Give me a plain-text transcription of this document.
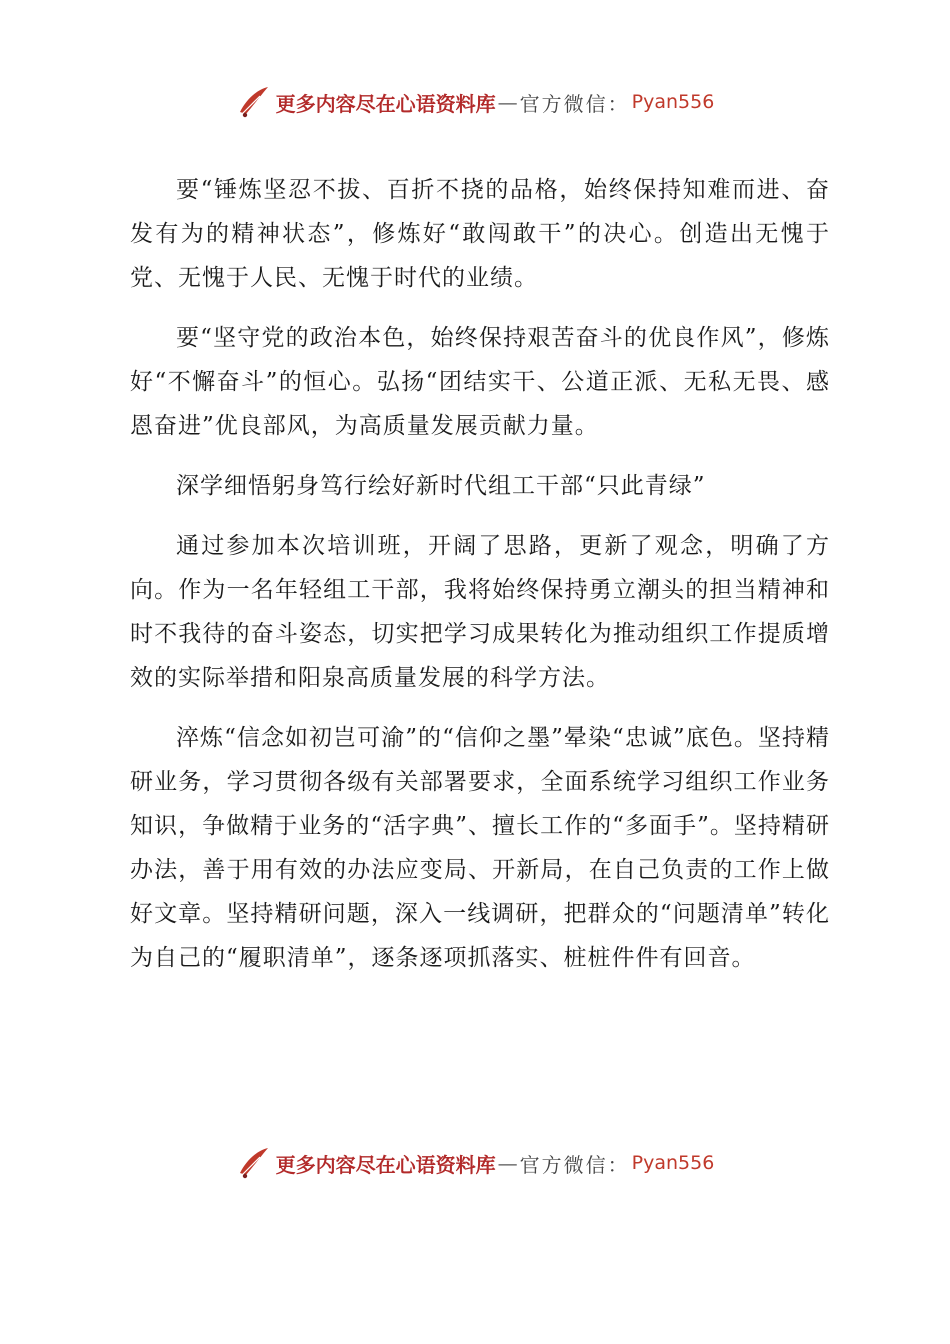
更多内容尽在心语资料库 — 官方微信： Pyan556

要“锤炼坚忍不拔、百折不挠的品格，始终保持知难而进、奋发有为的精神状态”，修炼好“敢闯敢干”的决心。创造出无愧于党、无愧于人民、无愧于时代的业绩。

要“坚守党的政治本色，始终保持艰苦奋斗的优良作风”，修炼好“不懈奋斗”的恒心。弘扬“团结实干、公道正派、无私无畏、感恩奋进”优良部风，为高质量发展贡献力量。

深学细悟躬身笃行绘好新时代组工干部“只此青绿”

通过参加本次培训班，开阔了思路，更新了观念，明确了方向。作为一名年轻组工干部，我将始终保持勇立潮头的担当精神和时不我待的奋斗姿态，切实把学习成果转化为推动组织工作提质增效的实际举措和阳泉高质量发展的科学方法。

淬炼“信念如初岂可渝”的“信仰之墨”晕染“忠诚”底色。坚持精研业务，学习贯彻各级有关部署要求，全面系统学习组织工作业务知识，争做精于业务的“活字典”、擅长工作的“多面手”。坚持精研办法，善于用有效的办法应变局、开新局，在自己负责的工作上做好文章。坚持精研问题，深入一线调研，把群众的“问题清单”转化为自己的“履职清单”，逐条逐项抓落实、桩桩件件有回音。

更多内容尽在心语资料库 — 官方微信： Pyan556
